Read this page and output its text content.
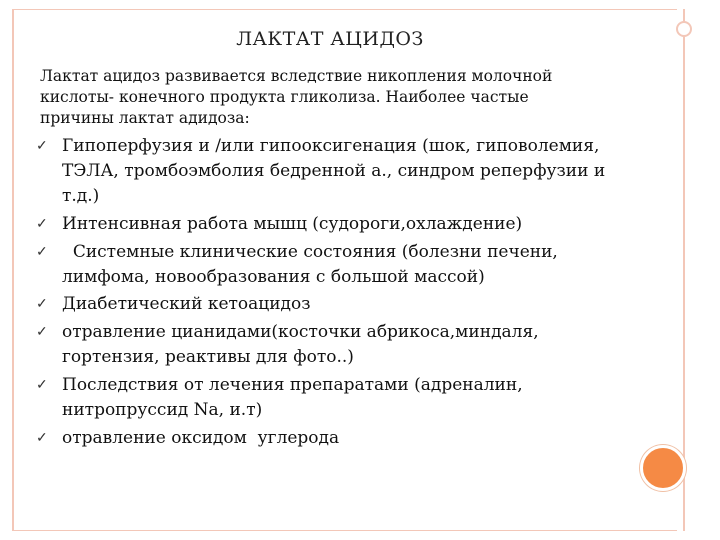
ЛАКТАТ АЦИДОЗ
Лактат ацидоз развивается вследствие никопления молочной кислоты- конечного продукта гликолиза. Наиболее частые причины лактат адидоза:
✓ Гипоперфузия и /или гипооксигенация (шок, гиповолемия, ТЭЛА, тромбоэмболия бедренной а., синдром реперфузии и т.д.)
✓ Интенсивная работа мышц (судороги,охлаждение)
✓ Системные клинические состояния (болезни печени, лимфома, новообразования с большой массой)
✓ Диабетический кетоацидоз
✓ отравление цианидами(косточки абрикоса,миндаля, гортензия, реактивы для фото..)
✓ Последствия от лечения препаратами (адреналин, нитропруссид Na, и.т)
✓ отравление оксидом  углерода
